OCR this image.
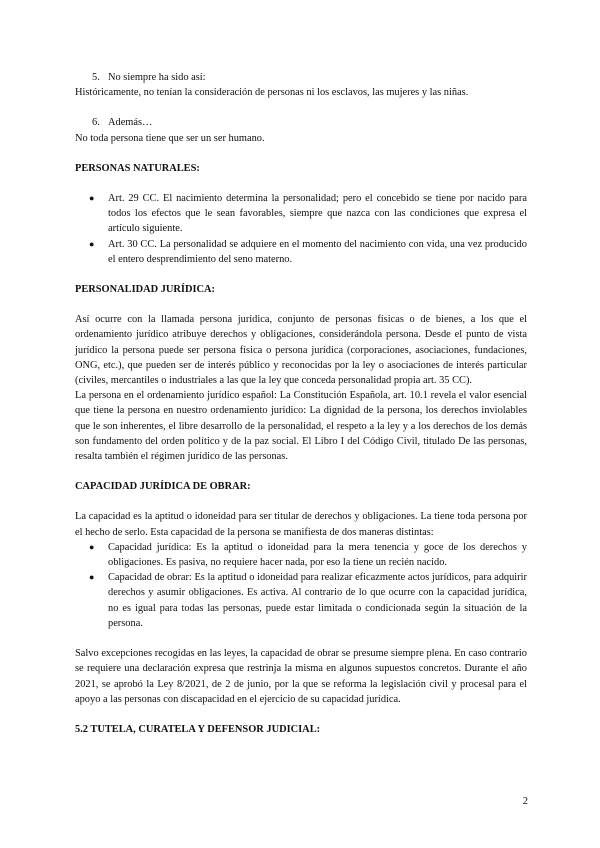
5. No siempre ha sido así:

Históricamente, no tenían la consideración de personas ni los esclavos, las mujeres y las niñas.

6. Además…

No toda persona tiene que ser un ser humano.

PERSONAS NATURALES:

● Art. 29 CC. El nacimiento determina la personalidad; pero el concebido se tiene por nacido para todos los efectos que le sean favorables, siempre que nazca con las condiciones que expresa el artículo siguiente.
● Art. 30 CC. La personalidad se adquiere en el momento del nacimiento con vida, una vez producido el entero desprendimiento del seno materno.

PERSONALIDAD JURÍDICA:

Así ocurre con la llamada persona jurídica, conjunto de personas físicas o de bienes, a los que el ordenamiento jurídico atribuye derechos y obligaciones, considerándola persona. Desde el punto de vista jurídico la persona puede ser persona física o persona jurídica (corporaciones, asociaciones, fundaciones, ONG, etc.), que pueden ser de interés público y reconocidas por la ley o asociaciones de interés particular (civiles, mercantiles o industriales a las que la ley que conceda personalidad propia art. 35 CC).

La persona en el ordenamiento jurídico español: La Constitución Española, art. 10.1 revela el valor esencial que tiene la persona en nuestro ordenamiento jurídico: La dignidad de la persona, los derechos inviolables que le son inherentes, el libre desarrollo de la personalidad, el respeto a la ley y a los derechos de los demás son fundamento del orden político y de la paz social. El Libro I del Código Civil, titulado De las personas, resalta también el régimen jurídico de las personas.

CAPACIDAD JURÍDICA DE OBRAR:

La capacidad es la aptitud o idoneidad para ser titular de derechos y obligaciones. La tiene toda persona por el hecho de serlo. Esta capacidad de la persona se manifiesta de dos maneras distintas:

● Capacidad jurídica: Es la aptitud o idoneidad para la mera tenencia y goce de los derechos y obligaciones. Es pasiva, no requiere hacer nada, por eso la tiene un recién nacido.
● Capacidad de obrar: Es la aptitud o idoneidad para realizar eficazmente actos jurídicos, para adquirir derechos y asumir obligaciones. Es activa. Al contrario de lo que ocurre con la capacidad jurídica, no es igual para todas las personas, puede estar limitada o condicionada según la situación de la persona.

Salvo excepciones recogidas en las leyes, la capacidad de obrar se presume siempre plena. En caso contrario se requiere una declaración expresa que restrinja la misma en algunos supuestos concretos. Durante el año 2021, se aprobó la Ley 8/2021, de 2 de junio, por la que se reforma la legislación civil y procesal para el apoyo a las personas con discapacidad en el ejercicio de su capacidad jurídica.

5.2 TUTELA, CURATELA Y DEFENSOR JUDICIAL:

2
